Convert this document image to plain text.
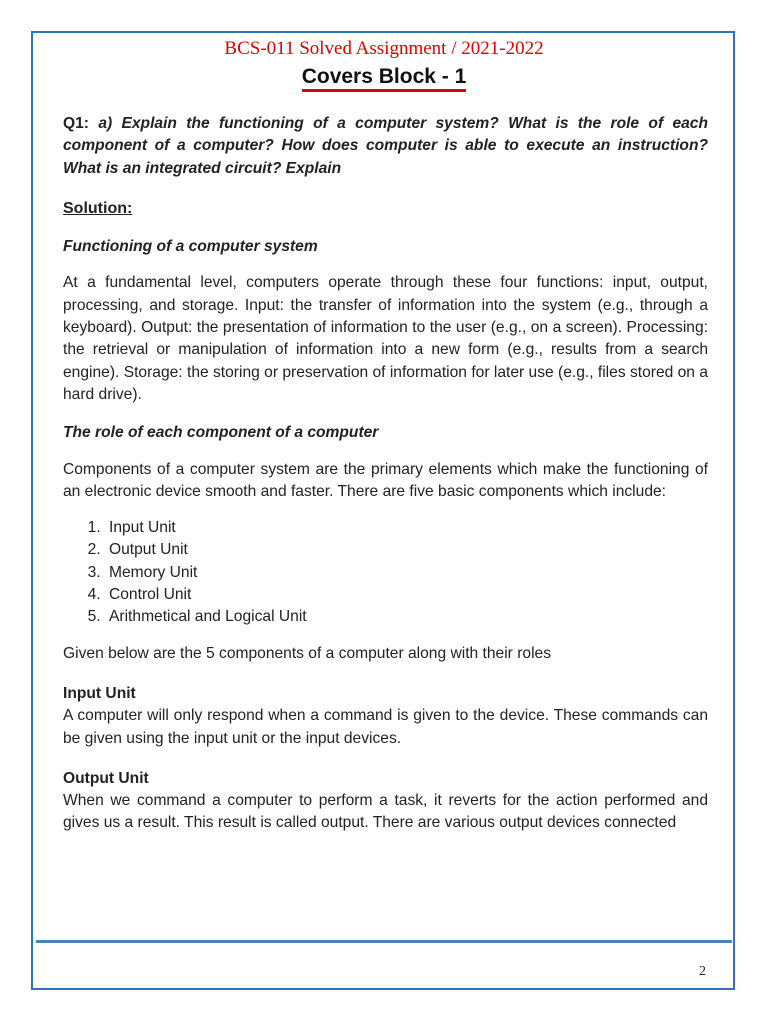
BCS-011 Solved Assignment / 2021-2022
Covers Block - 1

Q1: a) Explain the functioning of a computer system? What is the role of each component of a computer? How does computer is able to execute an instruction? What is an integrated circuit? Explain

Solution:

Functioning of a computer system

At a fundamental level, computers operate through these four functions: input, output, processing, and storage. Input: the transfer of information into the system (e.g., through a keyboard). Output: the presentation of information to the user (e.g., on a screen). Processing: the retrieval or manipulation of information into a new form (e.g., results from a search engine). Storage: the storing or preservation of information for later use (e.g., files stored on a hard drive).

The role of each component of a computer

Components of a computer system are the primary elements which make the functioning of an electronic device smooth and faster. There are five basic components which include:

1. Input Unit
2. Output Unit
3. Memory Unit
4. Control Unit
5. Arithmetical and Logical Unit

Given below are the 5 components of a computer along with their roles

Input Unit

A computer will only respond when a command is given to the device. These commands can be given using the input unit or the input devices.

Output Unit

When we command a computer to perform a task, it reverts for the action performed and gives us a result. This result is called output. There are various output devices connected

2
